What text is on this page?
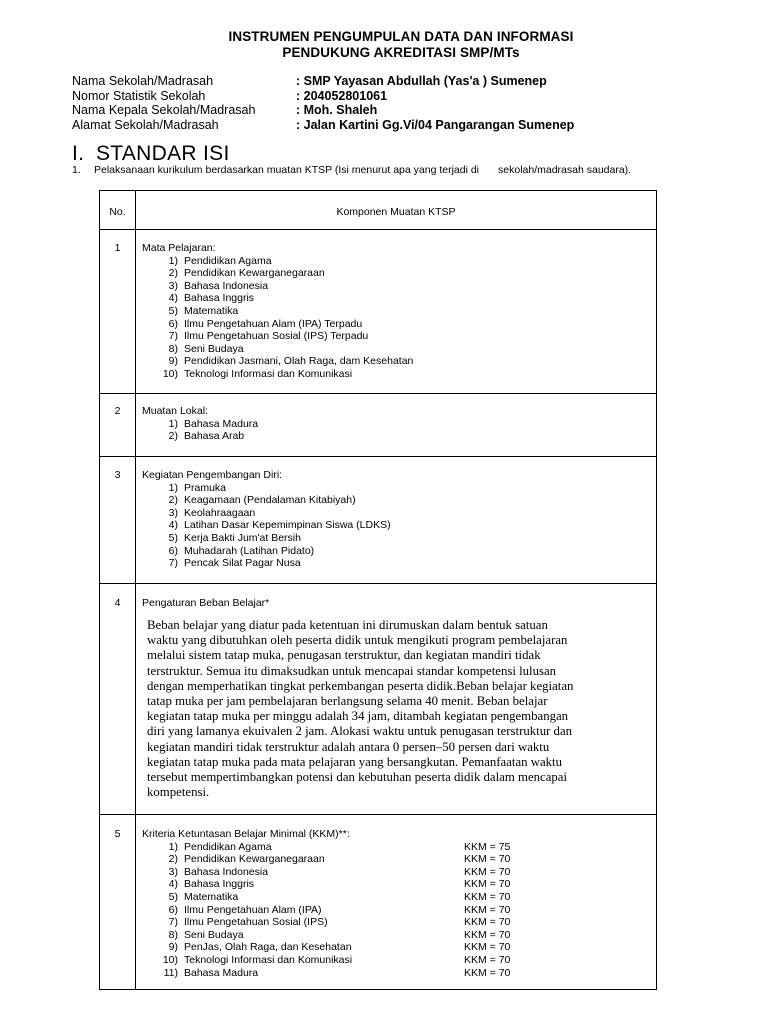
INSTRUMEN PENGUMPULAN DATA DAN INFORMASI
PENDUKUNG AKREDITASI SMP/MTs
Nama Sekolah/Madrasah	: SMP Yayasan Abdullah (Yas'a ) Sumenep
Nomor Statistik Sekolah	: 204052801061
Nama Kepala Sekolah/Madrasah	: Moh. Shaleh
Alamat Sekolah/Madrasah	: Jalan Kartini Gg.Vi/04 Pangarangan Sumenep
I. STANDAR ISI
1. Pelaksanaan kurikulum berdasarkan muatan KTSP (Isi menurut apa yang terjadi di sekolah/madrasah saudara).
No.	Komponen Muatan KTSP
1	Mata Pelajaran:
1) Pendidikan Agama
2) Pendidikan Kewarganegaraan
3) Bahasa Indonesia
4) Bahasa Inggris
5) Matematika
6) Ilmu Pengetahuan Alam (IPA) Terpadu
7) Ilmu Pengetahuan Sosial (IPS) Terpadu
8) Seni Budaya
9) Pendidikan Jasmani, Olah Raga, dam Kesehatan
10) Teknologi Informasi dan Komunikasi
2	Muatan Lokal:
1) Bahasa Madura
2) Bahasa Arab
3	Kegiatan Pengembangan Diri:
1) Pramuka
2) Keagamaan (Pendalaman Kitabiyah)
3) Keolahraagaan
4) Latihan Dasar Kepemimpinan Siswa (LDKS)
5) Kerja Bakti Jum'at Bersih
6) Muhadarah (Latihan Pidato)
7) Pencak Silat Pagar Nusa
4	Pengaturan Beban Belajar*
Beban belajar yang diatur pada ketentuan ini dirumuskan dalam bentuk satuan
waktu yang dibutuhkan oleh peserta didik untuk mengikuti program pembelajaran
melalui sistem tatap muka, penugasan terstruktur, dan kegiatan mandiri tidak
terstruktur. Semua itu dimaksudkan untuk mencapai standar kompetensi lulusan
dengan memperhatikan tingkat perkembangan peserta didik.Beban belajar kegiatan
tatap muka per jam pembelajaran berlangsung selama 40 menit. Beban belajar
kegiatan tatap muka per minggu adalah 34 jam, ditambah kegiatan pengembangan
diri yang lamanya ekuivalen 2 jam. Alokasi waktu untuk penugasan terstruktur dan
kegiatan mandiri tidak terstruktur adalah antara 0 persen–50 persen dari waktu
kegiatan tatap muka pada mata pelajaran yang bersangkutan. Pemanfaatan waktu
tersebut mempertimbangkan potensi dan kebutuhan peserta didik dalam mencapai
kompetensi.
5	Kriteria Ketuntasan Belajar Minimal (KKM)**:
1) Pendidikan Agama	KKM = 75
2) Pendidikan Kewarganegaraan	KKM = 70
3) Bahasa Indonesia	KKM = 70
4) Bahasa Inggris	KKM = 70
5) Matematika	KKM = 70
6) Ilmu Pengetahuan Alam (IPA)	KKM = 70
7) Ilmu Pengetahuan Sosial (IPS)	KKM = 70
8) Seni Budaya	KKM = 70
9) PenJas, Olah Raga, dan Kesehatan	KKM = 70
10) Teknologi Informasi dan Komunikasi	KKM = 70
11) Bahasa Madura	KKM = 70
